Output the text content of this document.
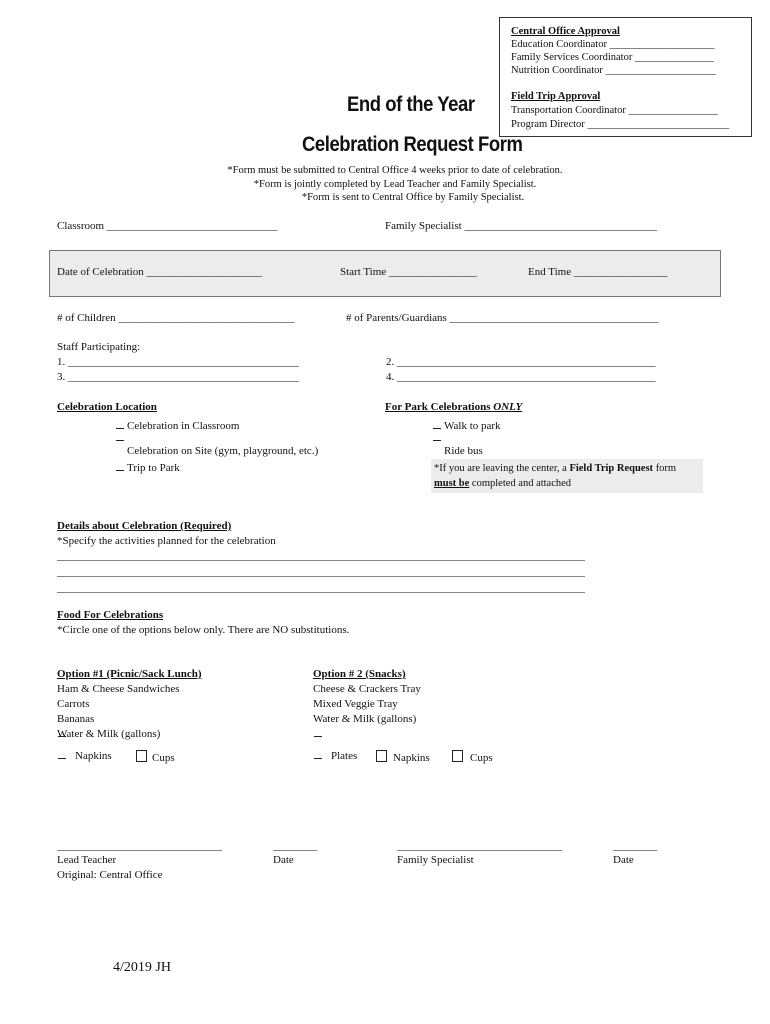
Central Office Approval
Education Coordinator ____________________
Family Services Coordinator _______________
Nutrition Coordinator _____________________
Field Trip Approval
Transportation Coordinator _________________
Program Director ___________________________
End of the Year
Celebration Request Form
*Form must be submitted to Central Office 4 weeks prior to date of celebration.
*Form is jointly completed by Lead Teacher and Family Specialist.
*Form is sent to Central Office by Family Specialist.
Classroom _______________________________	Family Specialist ___________________________________
Date of Celebration _____________________	Start Time ________________	End Time _________________
# of Children ________________________________	# of Parents/Guardians ______________________________________
Staff Participating:
1. __________________________________________	2. _______________________________________________
3. __________________________________________	4. _______________________________________________
Celebration Location
Celebration in Classroom
Celebration on Site (gym, playground, etc.)
Trip to Park
For Park Celebrations ONLY
Walk to park
Ride bus
*If you are leaving the center, a Field Trip Request form
must be completed and attached
Details about Celebration (Required)
*Specify the activities planned for the celebration
________________________________________________________________________________________________
________________________________________________________________________________________________
________________________________________________________________________________________________
Food For Celebrations
*Circle one of the options below only. There are NO substitutions.
Option #1 (Picnic/Sack Lunch)
Ham & Cheese Sandwiches
Carrots
Bananas
Water & Milk (gallons)
Napkins	Cups
Option # 2 (Snacks)
Cheese & Crackers Tray
Mixed Veggie Tray
Water & Milk (gallons)
Plates	Napkins	Cups
______________________________	________	______________________________	________
Lead Teacher	Date	Family Specialist	Date
Original: Central Office
4/2019 JH
